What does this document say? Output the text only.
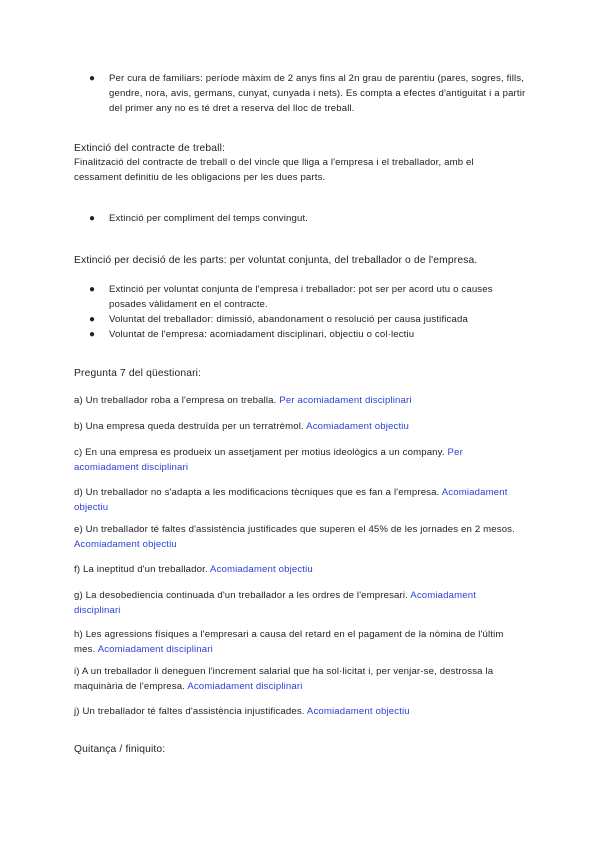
● Per cura de familiars: període màxim de 2 anys fins al 2n grau de parentiu (pares, sogres, fills, gendre, nora, avis, germans, cunyat, cunyada i nets). Es compta a efectes d'antiguitat i a partir del primer any no es té dret a reserva del lloc de treball.
Extinció del contracte de treball:
Finalització del contracte de treball o del vincle que lliga a l'empresa i el treballador, amb el cessament definitiu de les obligacions per les dues parts.
● Extinció per compliment del temps convingut.
Extinció per decisió de les parts: per voluntat conjunta, del treballador o de l'empresa.
● Extinció per voluntat conjunta de l'empresa i treballador: pot ser per acord utu o causes posades vàlidament en el contracte.
● Voluntat del treballador: dimissió, abandonament o resolució per causa justificada
● Voluntat de l'empresa: acomiadament disciplinari, objectiu o col·lectiu
Pregunta 7 del qüestionari:
a) Un treballador roba a l'empresa on treballa. Per acomiadament disciplinari
b) Una empresa queda destruïda per un terratrèmol. Acomiadament objectiu
c) En una empresa es produeix un assetjament per motius ideològics a un company. Per acomiadament disciplinari
d) Un treballador no s'adapta a les modificacions tècniques que es fan a l'empresa. Acomiadament objectiu
e) Un treballador té faltes d'assistència justificades que superen el 45% de les jornades en 2 mesos. Acomiadament objectiu
f) La ineptitud d'un treballador. Acomiadament objectiu
g) La desobediencia continuada d'un treballador a les ordres de l'empresari. Acomiadament disciplinari
h) Les agressions físiques a l'empresari a causa del retard en el pagament de la nòmina de l'últim mes. Acomiadament disciplinari
i) A un treballador li deneguen l'increment salarial que ha sol·licitat i, per venjar-se, destrossa la maquinària de l'empresa. Acomiadament disciplinari
j) Un treballador té faltes d'assistència injustificades. Acomiadament objectiu
Quitança / finiquito:
